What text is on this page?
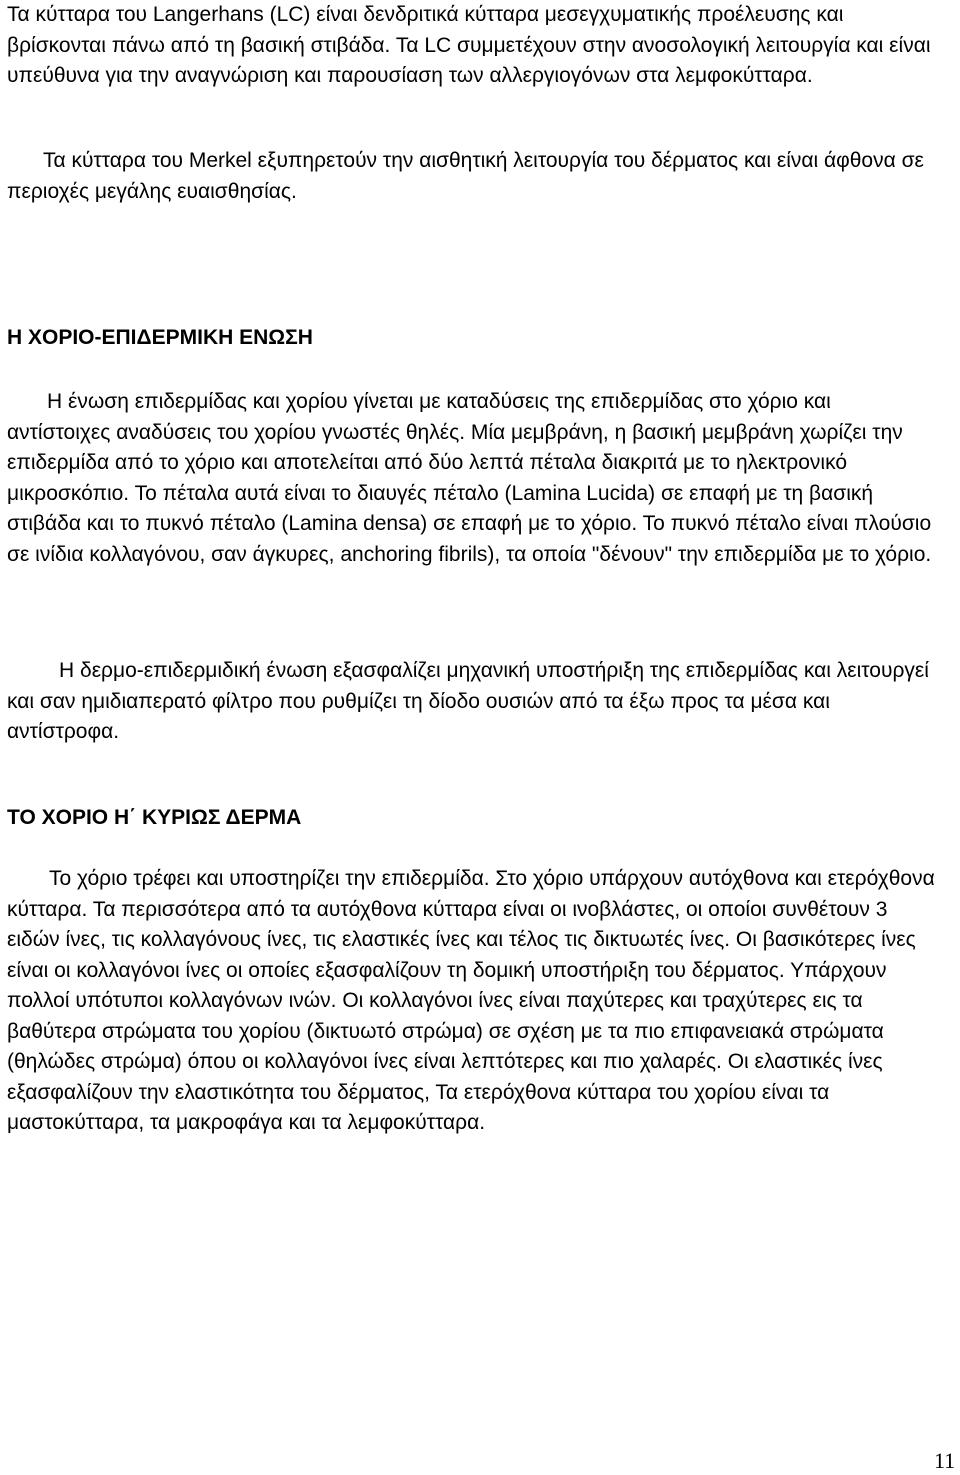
Τα κύτταρα του Langerhans (LC) είναι δενδριτικά κύτταρα μεσεγχυματικής προέλευσης και βρίσκονται πάνω από τη βασική στιβάδα. Τα LC συμμετέχουν στην ανοσολογική λειτουργία και είναι υπεύθυνα για την αναγνώριση και παρουσίαση των αλλεργιογόνων στα λεμφοκύτταρα.

Τα κύτταρα του Merkel εξυπηρετούν την αισθητική λειτουργία του δέρματος και είναι άφθονα σε περιοχές μεγάλης ευαισθησίας.

Η ΧΟΡΙΟ-ΕΠΙΔΕΡΜΙΚΗ ΕΝΩΣΗ

Η ένωση επιδερμίδας και χορίου γίνεται με καταδύσεις της επιδερμίδας στο χόριο και αντίστοιχες αναδύσεις του χορίου γνωστές θηλές. Μία μεμβράνη, η βασική μεμβράνη χωρίζει την επιδερμίδα από το χόριο και αποτελείται από δύο λεπτά πέταλα διακριτά με το ηλεκτρονικό μικροσκόπιο. Το πέταλα αυτά είναι το διαυγές πέταλο (Lamina Lucida) σε επαφή με τη βασική στιβάδα και το πυκνό πέταλο (Lamina densa) σε επαφή με το χόριο. Το πυκνό πέταλο είναι πλούσιο σε ινίδια κολλαγόνου, σαν άγκυρες, anchoring fibrils), τα οποία "δένουν" την επιδερμίδα με το χόριο.

Η δερμο-επιδερμιδική ένωση εξασφαλίζει μηχανική υποστήριξη της επιδερμίδας και λειτουργεί και σαν ημιδιαπερατό φίλτρο που ρυθμίζει τη δίοδο ουσιών από τα έξω προς τα μέσα και αντίστροφα.

ΤΟ ΧΟΡΙΟ Η΄ ΚΥΡΙΩΣ ΔΕΡΜΑ

Το χόριο τρέφει και υποστηρίζει την επιδερμίδα. Στο χόριο υπάρχουν αυτόχθονα και ετερόχθονα κύτταρα. Τα περισσότερα από τα αυτόχθονα κύτταρα είναι οι ινοβλάστες, οι οποίοι συνθέτουν 3 ειδών ίνες, τις κολλαγόνους ίνες, τις ελαστικές ίνες και τέλος τις δικτυωτές ίνες. Οι βασικότερες ίνες είναι οι κολλαγόνοι ίνες οι οποίες εξασφαλίζουν τη δομική υποστήριξη του δέρματος. Υπάρχουν πολλοί υπότυποι κολλαγόνων ινών. Οι κολλαγόνοι ίνες είναι παχύτερες και τραχύτερες εις τα βαθύτερα στρώματα του χορίου (δικτυωτό στρώμα) σε σχέση με τα πιο επιφανειακά στρώματα (θηλώδες στρώμα) όπου οι κολλαγόνοι ίνες είναι λεπτότερες και πιο χαλαρές. Οι ελαστικές ίνες εξασφαλίζουν την ελαστικότητα του δέρματος, Τα ετερόχθονα κύτταρα του χορίου είναι τα μαστοκύτταρα, τα μακροφάγα και τα λεμφοκύτταρα.

11
